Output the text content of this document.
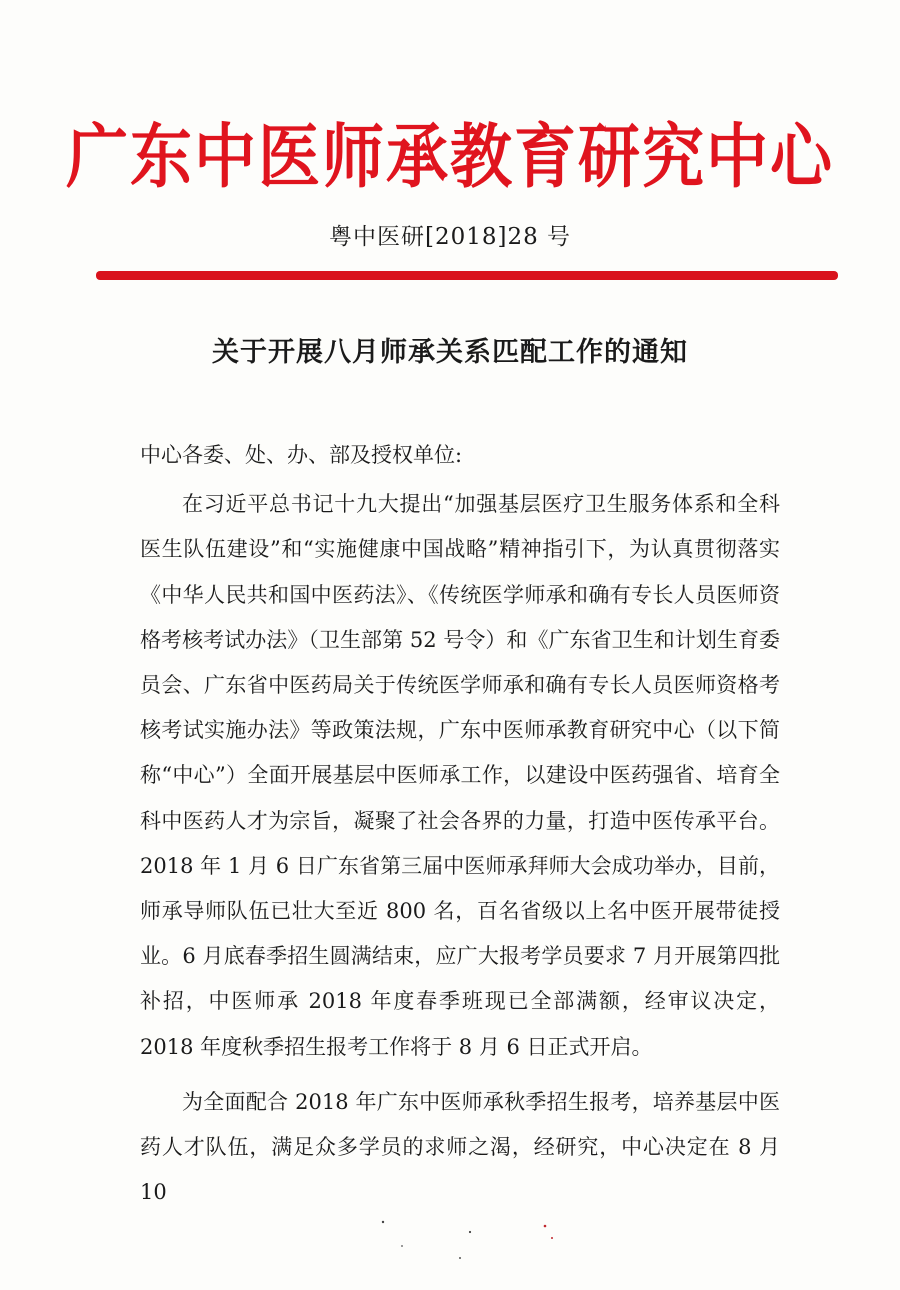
广东中医师承教育研究中心
粤中医研[2018]28 号
关于开展八月师承关系匹配工作的通知

中心各委、处、办、部及授权单位:

在习近平总书记十九大提出“加强基层医疗卫生服务体系和全科医生队伍建设”和“实施健康中国战略”精神指引下，为认真贯彻落实《中华人民共和国中医药法》、《传统医学师承和确有专长人员医师资格考核考试办法》（卫生部第 52 号令）和《广东省卫生和计划生育委员会、广东省中医药局关于传统医学师承和确有专长人员医师资格考核考试实施办法》等政策法规，广东中医师承教育研究中心（以下简称“中心”）全面开展基层中医师承工作，以建设中医药强省、培育全科中医药人才为宗旨，凝聚了社会各界的力量，打造中医传承平台。2018 年 1 月 6 日广东省第三届中医师承拜师大会成功举办，目前，师承导师队伍已壮大至近 800 名，百名省级以上名中医开展带徒授业。6 月底春季招生圆满结束，应广大报考学员要求 7 月开展第四批补招，中医师承 2018 年度春季班现已全部满额，经审议决定，2018 年度秋季招生报考工作将于 8 月 6 日正式开启。

为全面配合 2018 年广东中医师承秋季招生报考，培养基层中医药人才队伍，满足众多学员的求师之渴，经研究，中心决定在 8 月 10
